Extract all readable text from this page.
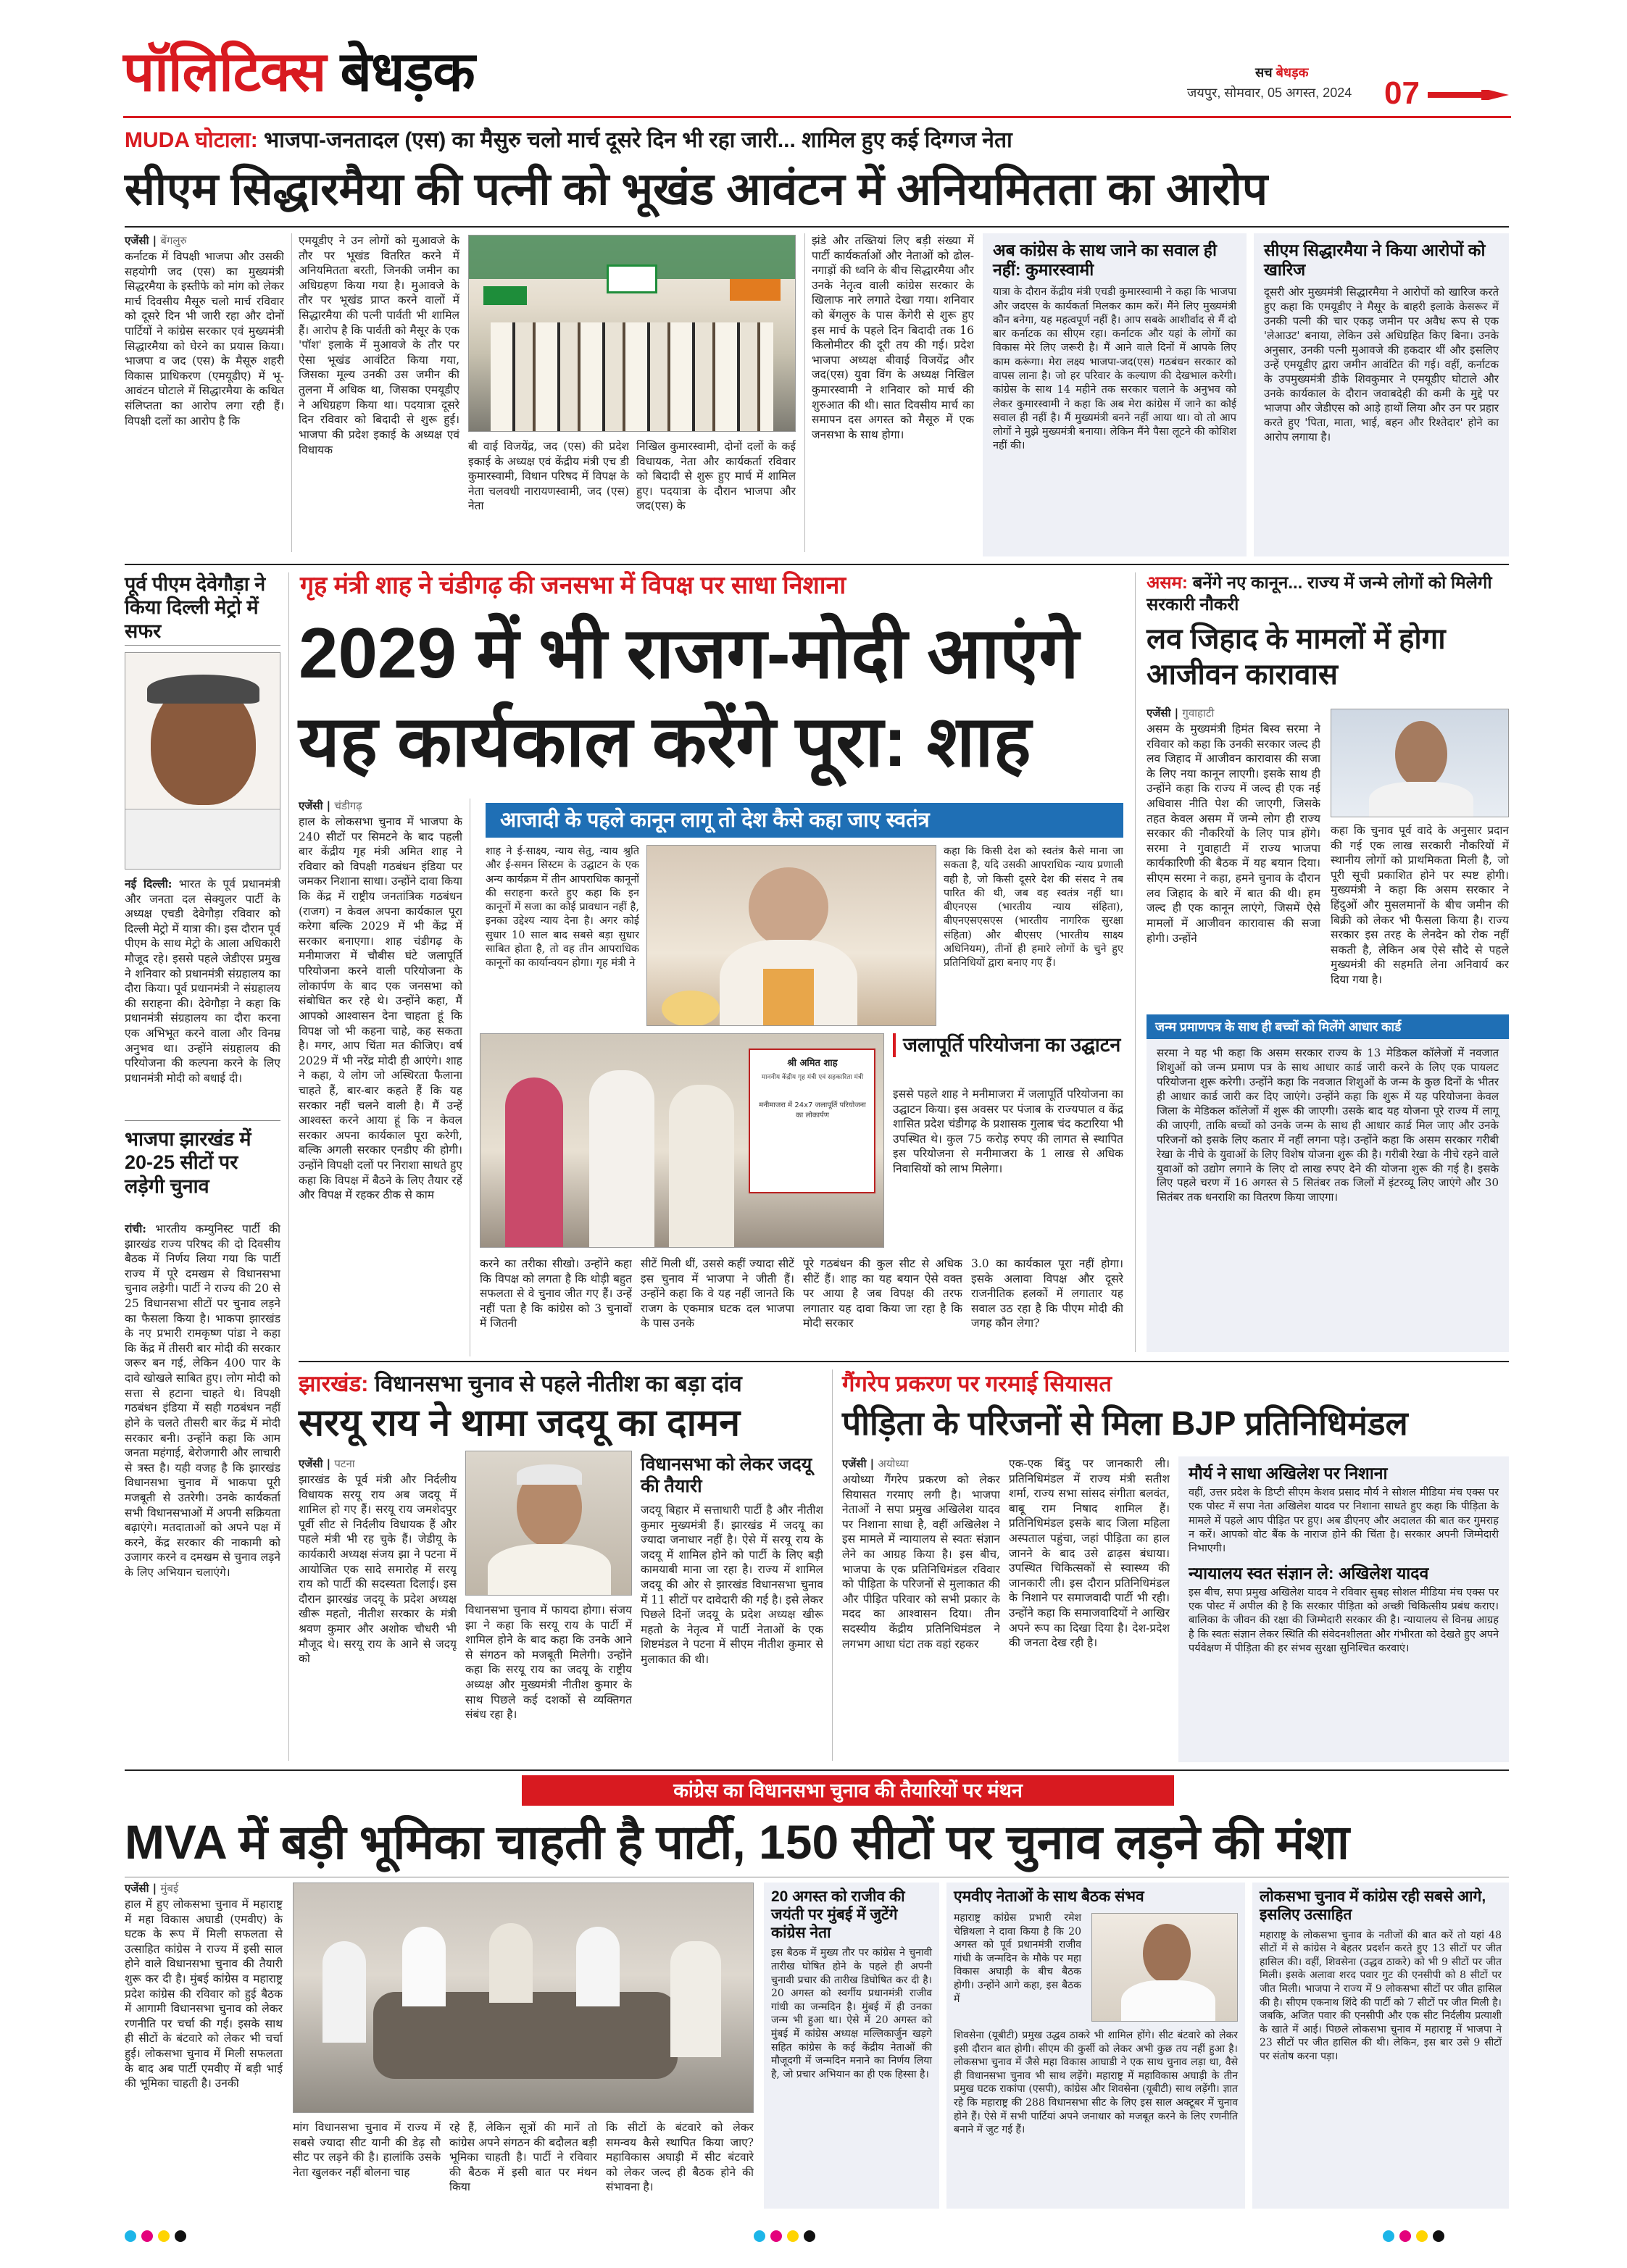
पॉलिटिक्स बेधड़क	सच बेधड़क
जयपुर, सोमवार, 05 अगस्त, 2024 07
MUDA घोटाला: भाजपा-जनतादल (एस) का मैसुरु चलो मार्च दूसरे दिन भी रहा जारी... शामिल हुए कई दिग्गज नेता
सीएम सिद्धारमैया की पत्नी को भूखंड आवंटन में अनियमितता का आरोप
एजेंसी | बेंगलुरु
कर्नाटक में विपक्षी भाजपा और उसकी सहयोगी जद (एस) का मुख्यमंत्री सिद्धरमैया के इस्तीफे को मांग को लेकर मार्च दिवसीय मैसूरु चलो मार्च रविवार को दूसरे दिन भी जारी रहा और दोनों पार्टियों ने कांग्रेस सरकार एवं मुख्यमंत्री सिद्धारमैया को घेरने का प्रयास किया। भाजपा व जद (एस) के मैसूरु शहरी विकास प्राधिकरण (एमयूडीए) में भू-आवंटन घोटाले में सिद्धारमैया के कथित संलिप्तता का आरोप लगा रही हैं। विपक्षी दलों का आरोप है कि
एमयूडीए ने उन लोगों को मुआवजे के तौर पर भूखंड वितरित करने में अनियमितता बरती, जिनकी जमीन का अधिग्रहण किया गया है। मुआवजे के तौर पर भूखंड प्राप्त करने वालों में सिद्धारमैया की पत्नी पार्वती भी शामिल हैं। आरोप है कि पार्वती को मैसूर के एक 'पॉश' इलाके में मुआवजे के तौर पर ऐसा भूखंड आवंटित किया गया, जिसका मूल्य उनकी उस जमीन की तुलना में अधिक था, जिसका एमयूडीए ने अधिग्रहण किया था। पदयात्रा दूसरे दिन रविवार को बिदादी से शुरू हुई। भाजपा की प्रदेश इकाई के अध्यक्ष एवं विधायक	बी वाई विजयेंद्र, जद (एस) की प्रदेश इकाई के अध्यक्ष एवं केंद्रीय मंत्री एच डी कुमारस्वामी, विधान परिषद में विपक्ष के नेता चलवधी नारायणस्वामी, जद (एस) नेता
निखिल कुमारस्वामी, दोनों दलों के कई विधायक, नेता और कार्यकर्ता रविवार को बिदादी से शुरू हुए मार्च में शामिल हुए। पदयात्रा के दौरान भाजपा और जद(एस) के
झंडे और तख्तियां लिए बड़ी संख्या में पार्टी कार्यकर्ताओं और नेताओं को ढोल-नगाड़ों की ध्वनि के बीच सिद्धारमैया और उनके नेतृत्व वाली कांग्रेस सरकार के खिलाफ नारे लगाते देखा गया। शनिवार को बेंगलुरु के पास केंगेरी से शुरू हुए इस मार्च के पहले दिन बिदादी तक 16 किलोमीटर की दूरी तय की गई। प्रदेश भाजपा अध्यक्ष बीवाई विजयेंद्र और जद(एस) युवा विंग के अध्यक्ष निखिल कुमारस्वामी ने शनिवार को मार्च की शुरुआत की थी। सात दिवसीय मार्च का समापन दस अगस्त को मैसूरु में एक जनसभा के साथ होगा।
अब कांग्रेस के साथ जाने का सवाल ही नहीं: कुमारस्वामी
यात्रा के दौरान केंद्रीय मंत्री एचडी कुमारस्वामी ने कहा कि भाजपा और जदएस के कार्यकर्ता मिलकर काम करें। मैंने लिए मुख्यमंत्री कौन बनेगा, यह महत्वपूर्ण नहीं है। आप सबके आशीर्वाद से मैं दो बार कर्नाटक का सीएम रहा। कर्नाटक और यहां के लोगों का विकास मेरे लिए जरूरी है। मैं आने वाले दिनों में आपके लिए काम करूंगा। मेरा लक्ष्य भाजपा-जद(एस) गठबंधन सरकार को वापस लाना है। जो हर परिवार के कल्याण की देखभाल करेगी। कांग्रेस के साथ 14 महीने तक सरकार चलाने के अनुभव को लेकर कुमारस्वामी ने कहा कि अब मेरा कांग्रेस में जाने का कोई सवाल ही नहीं है। मैं मुख्यमंत्री बनने नहीं आया था। वो तो आप लोगों ने मुझे मुख्यमंत्री बनाया। लेकिन मैंने पैसा लूटने की कोशिश नहीं की।
सीएम सिद्धारमैया ने किया आरोपों को खारिज
दूसरी ओर मुख्यमंत्री सिद्धारमैया ने आरोपों को खारिज करते हुए कहा कि एमयूडीए ने मैसूर के बाहरी इलाके केसरूर में उनकी पत्नी की चार एकड़ जमीन पर अवैध रूप से एक 'लेआउट' बनाया, लेकिन उसे अधिग्रहित किए बिना। उनके अनुसार, उनकी पत्नी मुआवजे की हकदार थीं और इसलिए उन्हें एमयूडीए द्वारा जमीन आवंटित की गई। वहीं, कर्नाटक के उपमुख्यमंत्री डीके शिवकुमार ने एमयूडीए घोटाले और उनके कार्यकाल के दौरान जवाबदेही की कमी के मुद्दे पर भाजपा और जेडीएस को आड़े हाथों लिया और उन पर प्रहार करते हुए 'पिता, माता, भाई, बहन और रिश्तेदार' होने का आरोप लगाया है।
पूर्व पीएम देवेगौड़ा ने किया दिल्ली मेट्रो में सफर
नई दिल्ली: भारत के पूर्व प्रधानमंत्री और जनता दल सेक्युलर पार्टी के अध्यक्ष एचडी देवेगौड़ा रविवार को दिल्ली मेट्रो में यात्रा की। इस दौरान पूर्व पीएम के साथ मेट्रो के आला अधिकारी मौजूद रहे। इससे पहले जेडीएस प्रमुख ने शनिवार को प्रधानमंत्री संग्रहालय का दौरा किया। पूर्व प्रधानमंत्री ने संग्रहालय की सराहना की। देवेगौड़ा ने कहा कि प्रधानमंत्री संग्रहालय का दौरा करना एक अभिभूत करने वाला और विनम्र अनुभव था। उन्होंने संग्रहालय की परियोजना की कल्पना करने के लिए प्रधानमंत्री मोदी को बधाई दी।
भाजपा झारखंड में 20-25 सीटों पर लड़ेगी चुनाव
रांची: भारतीय कम्युनिस्ट पार्टी की झारखंड राज्य परिषद की दो दिवसीय बैठक में निर्णय लिया गया कि पार्टी राज्य में पूरे दमखम से विधानसभा चुनाव लड़ेगी। पार्टी ने राज्य की 20 से 25 विधानसभा सीटों पर चुनाव लड़ने का फैसला किया है। भाकपा झारखंड के नए प्रभारी रामकृष्ण पांडा ने कहा कि केंद्र में तीसरी बार मोदी की सरकार जरूर बन गई, लेकिन 400 पार के दावे खोखले साबित हुए। लोग मोदी को सत्ता से हटाना चाहते थे। विपक्षी गठबंधन इंडिया में सही गठबंधन नहीं होने के चलते तीसरी बार केंद्र में मोदी सरकार बनी। उन्होंने कहा कि आम जनता महंगाई, बेरोजगारी और लाचारी से त्रस्त है। यही वजह है कि झारखंड विधानसभा चुनाव में भाकपा पूरी मजबूती से उतरेगी। उनके कार्यकर्ता सभी विधानसभाओं में अपनी सक्रियता बढ़ाएंगे। मतदाताओं को अपने पक्ष में करने, केंद्र सरकार की नाकामी को उजागर करने व दमखम से चुनाव लड़ने के लिए अभियान चलाएंगे।
गृह मंत्री शाह ने चंडीगढ़ की जनसभा में विपक्ष पर साधा निशाना
2029 में भी राजग-मोदी आएंगे
यह कार्यकाल करेंगे पूरा: शाह
एजेंसी | चंडीगढ़
हाल के लोकसभा चुनाव में भाजपा के 240 सीटों पर सिमटने के बाद पहली बार केंद्रीय गृह मंत्री अमित शाह ने रविवार को विपक्षी गठबंधन इंडिया पर जमकर निशाना साधा। उन्होंने दावा किया कि केंद्र में राष्ट्रीय जनतांत्रिक गठबंधन (राजग) न केवल अपना कार्यकाल पूरा करेगा बल्कि 2029 में भी केंद्र में सरकार बनाएगा। शाह चंडीगढ़ के मनीमाजरा में चौबीस घंटे जलापूर्ति परियोजना करने वाली परियोजना के लोकार्पण के बाद एक जनसभा को संबोधित कर रहे थे। उन्होंने कहा, मैं आपको आश्वासन देना चाहता हूं कि विपक्ष जो भी कहना चाहे, कह सकता है। मगर, आप चिंता मत कीजिए। वर्ष 2029 में भी नरेंद्र मोदी ही आएंगे। शाह ने कहा, ये लोग जो अस्थिरता फैलाना चाहते हैं, बार-बार कहते हैं कि यह सरकार नहीं चलने वाली है। मैं उन्हें आश्वस्त करने आया हूं कि न केवल सरकार अपना कार्यकाल पूरा करेगी, बल्कि अगली सरकार एनडीए की होगी। उन्होंने विपक्षी दलों पर निराशा साधते हुए कहा कि विपक्ष में बैठने के लिए तैयार रहें और विपक्ष में रहकर ठीक से काम
आजादी के पहले कानून लागू तो देश कैसे कहा जाए स्वतंत्र
शाह ने ई-साक्ष्य, न्याय सेतु, न्याय श्रुति और ई-समन सिस्टम के उद्घाटन के एक अन्य कार्यक्रम में तीन आपराधिक कानूनों की सराहना करते हुए कहा कि इन कानूनों में सजा का कोई प्रावधान नहीं है, इनका उद्देश्य न्याय देना है। अगर कोई सुधार 10 साल बाद सबसे बड़ा सुधार साबित होता है, तो वह तीन आपराधिक कानूनों का कार्यान्वयन होगा। गृह मंत्री ने
कहा कि किसी देश को स्वतंत्र कैसे माना जा सकता है, यदि उसकी आपराधिक न्याय प्रणाली वही है, जो किसी दूसरे देश की संसद ने तब पारित की थी, जब वह स्वतंत्र नहीं था। बीएनएस (भारतीय न्याय संहिता), बीएनएसएसएस (भारतीय नागरिक सुरक्षा संहिता) और बीएसए (भारतीय साक्ष्य अधिनियम), तीनों ही हमारे लोगों के चुने हुए प्रतिनिधियों द्वारा बनाए गए हैं।
श्री अमित शाह
माननीय केंद्रीय गृह मंत्री एवं सहकारिता मंत्री
मनीमाजरा में 24x7 जलापूर्ति परियोजना का लोकार्पण
जलापूर्ति परियोजना का उद्घाटन
इससे पहले शाह ने मनीमाजरा में जलापूर्ति परियोजना का उद्घाटन किया। इस अवसर पर पंजाब के राज्यपाल व केंद्र शासित प्रदेश चंडीगढ़ के प्रशासक गुलाब चंद कटारिया भी उपस्थित थे। कुल 75 करोड़ रुपए की लागत से स्थापित इस परियोजना से मनीमाजरा के 1 लाख से अधिक निवासियों को लाभ मिलेगा।
करने का तरीका सीखो। उन्होंने कहा कि विपक्ष को लगता है कि थोड़ी बहुत सफलता से वे चुनाव जीत गए हैं। उन्हें नहीं पता है कि कांग्रेस को 3 चुनावों में जितनी
सीटें मिली थीं, उससे कहीं ज्यादा सीटें इस चुनाव में भाजपा ने जीती हैं। उन्होंने कहा कि वे यह नहीं जानते कि राजग के एकमात्र घटक दल भाजपा के पास उनके
पूरे गठबंधन की कुल सीट से अधिक सीटें हैं। शाह का यह बयान ऐसे वक्त पर आया है जब विपक्ष की तरफ लगातार यह दावा किया जा रहा है कि मोदी सरकार
3.0 का कार्यकाल पूरा नहीं होगा। इसके अलावा विपक्ष और दूसरे राजनीतिक हलकों में लगातार यह सवाल उठ रहा है कि पीएम मोदी की जगह कौन लेगा?
असम: बनेंगे नए कानून... राज्य में जन्मे लोगों को मिलेगी सरकारी नौकरी
लव जिहाद के मामलों में होगा आजीवन कारावास
एजेंसी | गुवाहाटी
असम के मुख्यमंत्री हिमंत बिस्व सरमा ने रविवार को कहा कि उनकी सरकार जल्द ही लव जिहाद में आजीवन कारावास की सजा के लिए नया कानून लाएगी। इसके साथ ही उन्होंने कहा कि राज्य में जल्द ही एक नई अधिवास नीति पेश की जाएगी, जिसके तहत केवल असम में जन्मे लोग ही राज्य सरकार की नौकरियों के लिए पात्र होंगे। सरमा ने गुवाहाटी में राज्य भाजपा कार्यकारिणी की बैठक में यह बयान दिया। सीएम सरमा ने कहा, हमने चुनाव के दौरान लव जिहाद के बारे में बात की थी। हम जल्द ही एक कानून लाएंगे, जिसमें ऐसे मामलों में आजीवन कारावास की सजा होगी। उन्होंने
कहा कि चुनाव पूर्व वादे के अनुसार प्रदान की गई एक लाख सरकारी नौकरियों में स्थानीय लोगों को प्राथमिकता मिली है, जो पूरी सूची प्रकाशित होने पर स्पष्ट होगी। मुख्यमंत्री ने कहा कि असम सरकार ने हिंदुओं और मुसलमानों के बीच जमीन की बिक्री को लेकर भी फैसला किया है। राज्य सरकार इस तरह के लेनदेन को रोक नहीं सकती है, लेकिन अब ऐसे सौदे से पहले मुख्यमंत्री की सहमति लेना अनिवार्य कर दिया गया है।
जन्म प्रमाणपत्र के साथ ही बच्चों को मिलेंगे आधार कार्ड
सरमा ने यह भी कहा कि असम सरकार राज्य के 13 मेडिकल कॉलेजों में नवजात शिशुओं को जन्म प्रमाण पत्र के साथ आधार कार्ड जारी करने के लिए एक पायलट परियोजना शुरू करेगी। उन्होंने कहा कि नवजात शिशुओं के जन्म के कुछ दिनों के भीतर ही आधार कार्ड जारी कर दिए जाएंगे। उन्होंने कहा कि शुरू में यह परियोजना केवल जिला के मेडिकल कॉलेजों में शुरू की जाएगी। उसके बाद यह योजना पूरे राज्य में लागू की जाएगी, ताकि बच्चों को उनके जन्म के साथ ही आधार कार्ड मिल जाए और उनके परिजनों को इसके लिए कतार में नहीं लगना पड़े। उन्होंने कहा कि असम सरकार गरीबी रेखा के नीचे के युवाओं के लिए विशेष योजना शुरू की है। गरीबी रेखा के नीचे रहने वाले युवाओं को उद्योग लगाने के लिए दो लाख रुपए देने की योजना शुरू की गई है। इसके लिए पहले चरण में 16 अगस्त से 5 सितंबर तक जिलों में इंटरव्यू लिए जाएंगे और 30 सितंबर तक धनराशि का वितरण किया जाएगा।
झारखंड: विधानसभा चुनाव से पहले नीतीश का बड़ा दांव
सरयू राय ने थामा जदयू का दामन
एजेंसी | पटना
झारखंड के पूर्व मंत्री और निर्दलीय विधायक सरयू राय अब जदयू में शामिल हो गए हैं। सरयू राय जमशेदपुर पूर्वी सीट से निर्दलीय विधायक हैं और पहले मंत्री भी रह चुके हैं। जेडीयू के कार्यकारी अध्यक्ष संजय झा ने पटना में आयोजित एक सादे समारोह में सरयू राय को पार्टी की सदस्यता दिलाई। इस दौरान झारखंड जदयू के प्रदेश अध्यक्ष खीरू महतो, नीतीश सरकार के मंत्री श्रवण कुमार और अशोक चौधरी भी मौजूद थे। सरयू राय के आने से जदयू को
विधानसभा चुनाव में फायदा होगा। संजय झा ने कहा कि सरयू राय के पार्टी में शामिल होने के बाद कहा कि उनके आने से संगठन को मजबूती मिलेगी। उन्होंने कहा कि सरयू राय का जदयू के राष्ट्रीय अध्यक्ष और मुख्यमंत्री नीतीश कुमार के साथ पिछले कई दशकों से व्यक्तिगत संबंध रहा है।
विधानसभा को लेकर जदयू की तैयारी
जदयू बिहार में सत्ताधारी पार्टी है और नीतीश कुमार मुख्यमंत्री हैं। झारखंड में जदयू का ज्यादा जनाधार नहीं है। ऐसे में सरयू राय के जदयू में शामिल होने को पार्टी के लिए बड़ी कामयाबी माना जा रहा है। राज्य में शामिल जदयू की ओर से झारखंड विधानसभा चुनाव में 11 सीटों पर दावेदारी की गई है। इसे लेकर पिछले दिनों जदयू के प्रदेश अध्यक्ष खीरू महतो के नेतृत्व में पार्टी नेताओं के एक शिष्टमंडल ने पटना में सीएम नीतीश कुमार से मुलाकात की थी।
गैंगरेप प्रकरण पर गरमाई सियासत
पीड़िता के परिजनों से मिला BJP प्रतिनिधिमंडल
एजेंसी | अयोध्या
अयोध्या गैंगरेप प्रकरण को लेकर सियासत गरमाए लगी है। भाजपा नेताओं ने सपा प्रमुख अखिलेश यादव पर निशाना साधा है, वहीं अखिलेश ने इस मामले में न्यायालय से स्वतः संज्ञान लेने का आग्रह किया है। इस बीच, भाजपा के एक प्रतिनिधिमंडल रविवार को पीड़िता के परिजनों से मुलाकात की और पीड़ित परिवार को सभी प्रकार के मदद का आश्वासन दिया। तीन सदस्यीय केंद्रीय प्रतिनिधिमंडल ने लगभग आधा घंटा तक वहां रहकर
एक-एक बिंदु पर जानकारी ली। प्रतिनिधिमंडल में राज्य मंत्री सतीश शर्मा, राज्य सभा सांसद संगीता बलवंत, बाबू राम निषाद शामिल हैं। प्रतिनिधिमंडल इसके बाद जिला महिला अस्पताल पहुंचा, जहां पीड़िता का हाल जानने के बाद उसे ढाढ़स बंधाया। उपस्थित चिकित्सकों से स्वास्थ्य की जानकारी ली। इस दौरान प्रतिनिधिमंडल के निशाने पर समाजवादी पार्टी भी रही। उन्होंने कहा कि समाजवादियों ने आखिर अपने रूप का दिखा दिया है। देश-प्रदेश की जनता देख रही है।
मौर्य ने साधा अखिलेश पर निशाना
वहीं, उत्तर प्रदेश के डिप्टी सीएम केशव प्रसाद मौर्य ने सोशल मीडिया मंच एक्स पर एक पोस्ट में सपा नेता अखिलेश यादव पर निशाना साधते हुए कहा कि पीड़िता के मामले में पहले आप पीड़ित पर हुए। अब डीएनए और अदालत की बात कर गुमराह न करें। आपको वोट बैंक के नाराज होने की चिंता है। सरकार अपनी जिम्मेदारी निभाएगी।
न्यायालय स्वत संज्ञान ले: अखिलेश यादव
इस बीच, सपा प्रमुख अखिलेश यादव ने रविवार सुबह सोशल मीडिया मंच एक्स पर एक पोस्ट में अपील की है कि सरकार पीड़िता को अच्छी चिकित्सीय प्रबंध कराए। बालिका के जीवन की रक्षा की जिम्मेदारी सरकार की है। न्यायालय से विनम्र आग्रह है कि स्वतः संज्ञान लेकर स्थिति की संवेदनशीलता और गंभीरता को देखते हुए अपने पर्यवेक्षण में पीड़िता की हर संभव सुरक्षा सुनिश्चित करवाएं।
कांग्रेस का विधानसभा चुनाव की तैयारियों पर मंथन
MVA में बड़ी भूमिका चाहती है पार्टी, 150 सीटों पर चुनाव लड़ने की मंशा
एजेंसी | मुंबई
हाल में हुए लोकसभा चुनाव में महाराष्ट्र में महा विकास अघाडी (एमवीए) के घटक के रूप में मिली सफलता से उत्साहित कांग्रेस ने राज्य में इसी साल होने वाले विधानसभा चुनाव की तैयारी शुरू कर दी है। मुंबई कांग्रेस व महाराष्ट्र प्रदेश कांग्रेस की रविवार को हुई बैठक में आगामी विधानसभा चुनाव को लेकर रणनीति पर चर्चा की गई। इसके साथ ही सीटों के बंटवारे को लेकर भी चर्चा हुई। लोकसभा चुनाव में मिली सफलता के बाद अब पार्टी एमवीए में बड़ी भाई की भूमिका चाहती है। उनकी
मांग विधानसभा चुनाव में राज्य में सबसे ज्यादा सीट यानी की डेढ़ सौ सीट पर लड़ने की है। हालांकि उसके नेता खुलकर नहीं बोलना चाह
रहे हैं, लेकिन सूत्रों की मानें तो कांग्रेस अपने संगठन की बदौलत बड़ी भूमिका चाहती है। पार्टी ने रविवार की बैठक में इसी बात पर मंथन किया
कि सीटों के बंटवारे को लेकर समन्वय कैसे स्थापित किया जाए? महाविकास अघाड़ी में सीट बंटवारे को लेकर जल्द ही बैठक होने की संभावना है।
20 अगस्त को राजीव की जयंती पर मुंबई में जुटेंगे कांग्रेस नेता
इस बैठक में मुख्य तौर पर कांग्रेस ने चुनावी तारीख घोषित होने के पहले ही अपनी चुनावी प्रचार की तारीख डिघोषित कर दी है। 20 अगस्त को स्वर्गीय प्रधानमंत्री राजीव गांधी का जन्मदिन है। मुंबई में ही उनका जन्म भी हुआ था। ऐसे में 20 अगस्त को मुंबई में कांग्रेस अध्यक्ष मल्लिकार्जुन खड़गे सहित कांग्रेस के कई केंद्रीय नेताओं की मौजूदगी में जन्मदिन मनाने का निर्णय लिया है, जो प्रचार अभियान का ही एक हिस्सा है।
एमवीए नेताओं के साथ बैठक संभव
महाराष्ट्र कांग्रेस प्रभारी रमेश चेन्निथला ने दावा किया है कि 20 अगस्त को पूर्व प्रधानमंत्री राजीव गांधी के जन्मदिन के मौके पर महा विकास अघाड़ी के बीच बैठक होगी। उन्होंने आगे कहा, इस बैठक में
शिवसेना (यूबीटी) प्रमुख उद्धव ठाकरे भी शामिल होंगे। सीट बंटवारे को लेकर इसी दौरान बात होगी। सीएम की कुर्सी को लेकर अभी कुछ तय नहीं हुआ है। लोकसभा चुनाव में जैसे महा विकास आघाडी ने एक साथ चुनाव लड़ा था, वैसे ही विधानसभा चुनाव भी साथ लड़ेंगे। महाराष्ट्र में महाविकास अघाड़ी के तीन प्रमुख घटक राकांपा (एसपी), कांग्रेस और शिवसेना (यूबीटी) साथ लड़ेंगी। ज्ञात रहे कि महाराष्ट्र की 288 विधानसभा सीट के लिए इस साल अक्टूबर में चुनाव होने हैं। ऐसे में सभी पार्टियां अपने जनाधार को मजबूत करने के लिए रणनीति बनाने में जुट गई हैं।
लोकसभा चुनाव में कांग्रेस रही सबसे आगे, इसलिए उत्साहित
महाराष्ट्र के लोकसभा चुनाव के नतीजों की बात करें तो यहां 48 सीटों में से कांग्रेस ने बेहतर प्रदर्शन करते हुए 13 सीटों पर जीत हासिल की। वहीं, शिवसेना (उद्धव ठाकरे) को भी 9 सीटों पर जीत मिली। इसके अलावा शरद पवार गुट की एनसीपी को 8 सीटों पर जीत मिली। भाजपा ने राज्य में 9 लोकसभा सीटों पर जीत हासिल की है। सीएम एकनाथ शिंदे की पार्टी को 7 सीटों पर जीत मिली है। जबकि, अजित पवार की एनसीपी और एक सीट निर्दलीय प्रत्याशी के खाते में आई। पिछले लोकसभा चुनाव में महाराष्ट्र में भाजपा ने 23 सीटों पर जीत हासिल की थी। लेकिन, इस बार उसे 9 सीटों पर संतोष करना पड़ा।
